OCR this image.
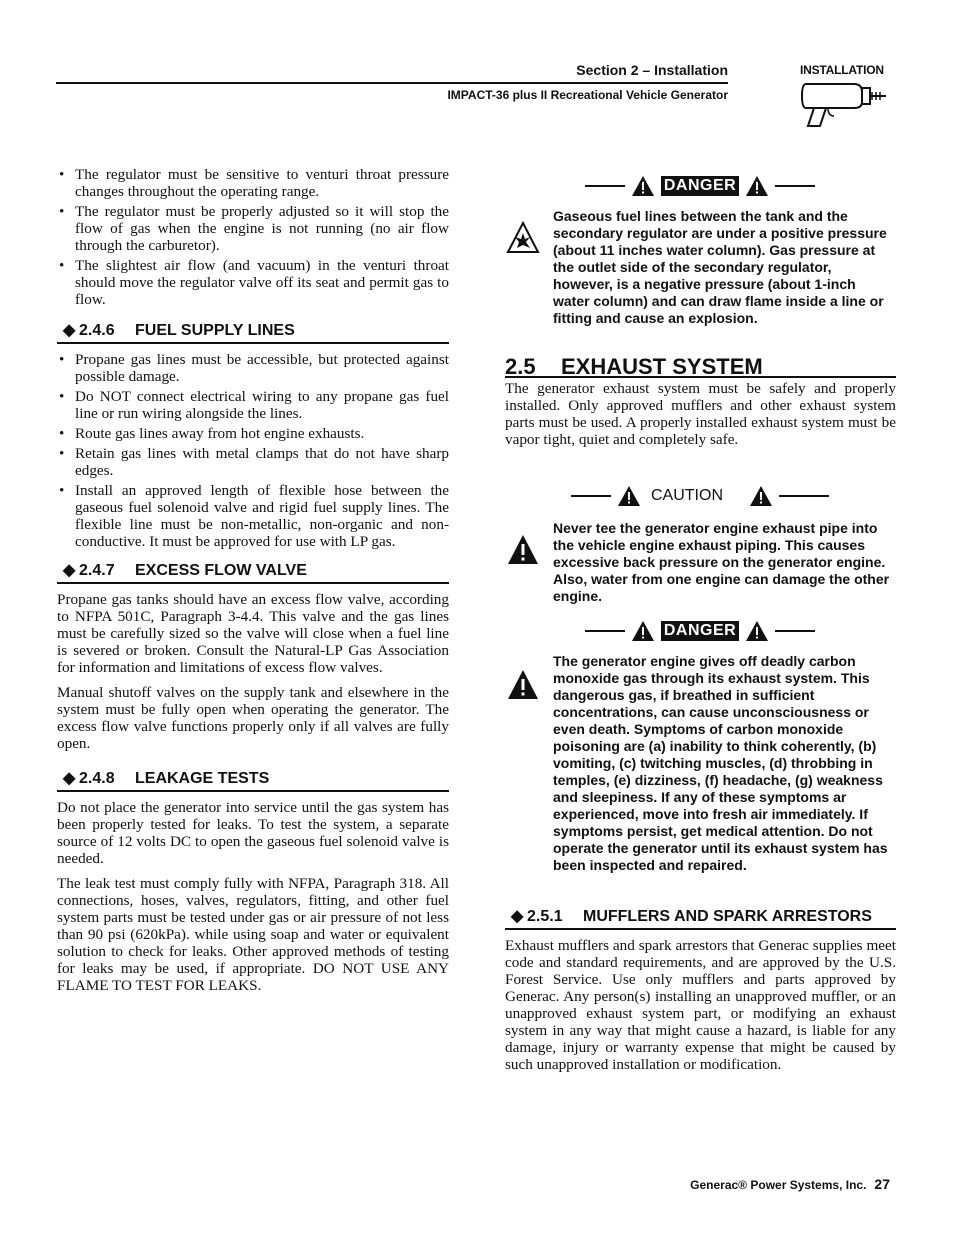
Section 2 – Installation
IMPACT-36 plus II Recreational Vehicle Generator
INSTALLATION
• The regulator must be sensitive to venturi throat pressure changes throughout the operating range.
• The regulator must be properly adjusted so it will stop the flow of gas when the engine is not running (no air flow through the carburetor).
• The slightest air flow (and vacuum) in the venturi throat should move the regulator valve off its seat and permit gas to flow.
◆ 2.4.6 FUEL SUPPLY LINES
• Propane gas lines must be accessible, but protected against possible damage.
• Do NOT connect electrical wiring to any propane gas fuel line or run wiring alongside the lines.
• Route gas lines away from hot engine exhausts.
• Retain gas lines with metal clamps that do not have sharp edges.
• Install an approved length of flexible hose between the gaseous fuel solenoid valve and rigid fuel supply lines. The flexible line must be non-metallic, non-organic and non-conductive. It must be approved for use with LP gas.
◆ 2.4.7 EXCESS FLOW VALVE

Propane gas tanks should have an excess flow valve, according to NFPA 501C, Paragraph 3-4.4. This valve and the gas lines must be carefully sized so the valve will close when a fuel line is severed or broken. Consult the Natural-LP Gas Association for information and limitations of excess flow valves.

Manual shutoff valves on the supply tank and elsewhere in the system must be fully open when operating the generator. The excess flow valve functions properly only if all valves are fully open.

◆ 2.4.8 LEAKAGE TESTS

Do not place the generator into service until the gas system has been properly tested for leaks. To test the system, a separate source of 12 volts DC to open the gaseous fuel solenoid valve is needed.

The leak test must comply fully with NFPA, Paragraph 318. All connections, hoses, valves, regulators, fitting, and other fuel system parts must be tested under gas or air pressure of not less than 90 psi (620kPa). while using soap and water or equivalent solution to check for leaks. Other approved methods of testing for leaks may be used, if appropriate. DO NOT USE ANY FLAME TO TEST FOR LEAKS.

DANGER
Gaseous fuel lines between the tank and the secondary regulator are under a positive pressure (about 11 inches water column). Gas pressure at the outlet side of the secondary regulator, however, is a negative pressure (about 1-inch water column) and can draw flame inside a line or fitting and cause an explosion.
2.5 EXHAUST SYSTEM

The generator exhaust system must be safely and properly installed. Only approved mufflers and other exhaust system parts must be used. A properly installed exhaust system must be vapor tight, quiet and completely safe.

CAUTION
Never tee the generator engine exhaust pipe into the vehicle engine exhaust piping. This causes excessive back pressure on the generator engine. Also, water from one engine can damage the other engine.
DANGER
The generator engine gives off deadly carbon monoxide gas through its exhaust system. This dangerous gas, if breathed in sufficient concentrations, can cause unconsciousness or even death. Symptoms of carbon monoxide poisoning are (a) inability to think coherently, (b) vomiting, (c) twitching muscles, (d) throbbing in temples, (e) dizziness, (f) headache, (g) weakness and sleepiness. If any of these symptoms ar experienced, move into fresh air immediately. If symptoms persist, get medical attention. Do not operate the generator until its exhaust system has been inspected and repaired.
◆ 2.5.1 MUFFLERS AND SPARK ARRESTORS

Exhaust mufflers and spark arrestors that Generac supplies meet code and standard requirements, and are approved by the U.S. Forest Service. Use only mufflers and parts approved by Generac. Any person(s) installing an unapproved muffler, or an unapproved exhaust system part, or modifying an exhaust system in any way that might cause a hazard, is liable for any damage, injury or warranty expense that might be caused by such unapproved installation or modification.

Generac® Power Systems, Inc. 27
